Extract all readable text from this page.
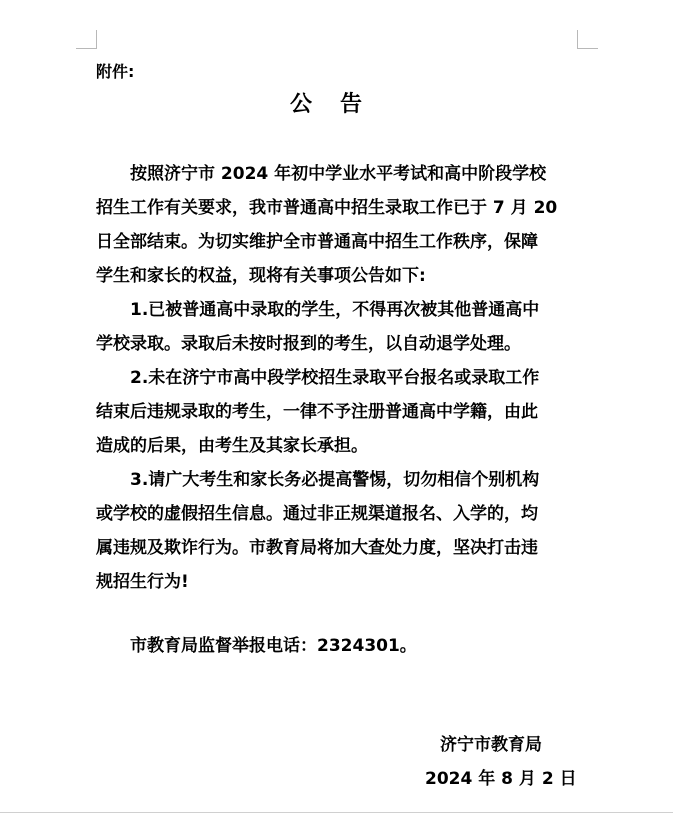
附件:
公告
按照济宁市 2024 年初中学业水平考试和高中阶段学校
招生工作有关要求，我市普通高中招生录取工作已于 7 月 20
日全部结束。为切实维护全市普通高中招生工作秩序，保障
学生和家长的权益，现将有关事项公告如下:
1.已被普通高中录取的学生，不得再次被其他普通高中
学校录取。录取后未按时报到的考生，以自动退学处理。
2.未在济宁市高中段学校招生录取平台报名或录取工作
结束后违规录取的考生，一律不予注册普通高中学籍，由此
造成的后果，由考生及其家长承担。
3.请广大考生和家长务必提高警惕，切勿相信个别机构
或学校的虚假招生信息。通过非正规渠道报名、入学的，均
属违规及欺诈行为。市教育局将加大查处力度，坚决打击违
规招生行为!
市教育局监督举报电话：2324301。
济宁市教育局
2024 年 8 月 2 日
